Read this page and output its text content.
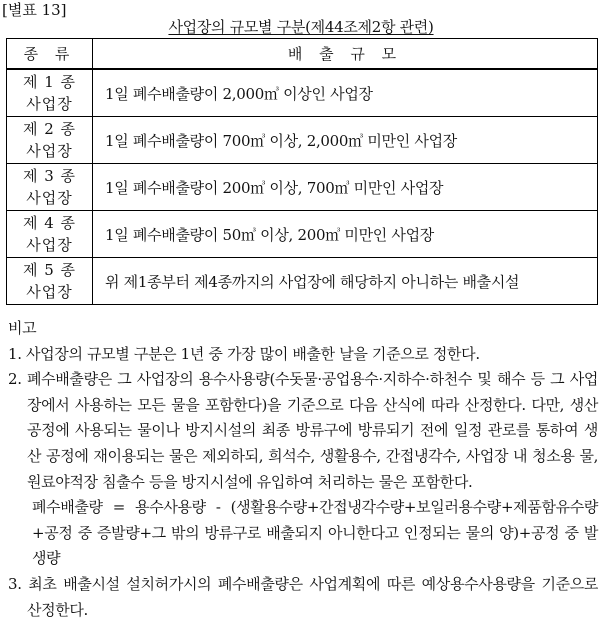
[별표 13]
사업장의 규모별 구분(제44조제2항 관련)
종 류	배 출 규 모
제 1 종
사업장	1일 폐수배출량이 2,000㎥ 이상인 사업장
제 2 종
사업장	1일 폐수배출량이 700㎥ 이상, 2,000㎥ 미만인 사업장
제 3 종
사업장	1일 폐수배출량이 200㎥ 이상, 700㎥ 미만인 사업장
제 4 종
사업장	1일 폐수배출량이 50㎥ 이상, 200㎥ 미만인 사업장
제 5 종
사업장	위 제1종부터 제4종까지의 사업장에 해당하지 아니하는 배출시설

비고

1. 사업장의 규모별 구분은 1년 중 가장 많이 배출한 날을 기준으로 정한다.

2. 폐수배출량은 그 사업장의 용수사용량(수돗물·공업용수·지하수·하천수 및 해수 등 그 사업장에서 사용하는 모든 물을 포함한다)을 기준으로 다음 산식에 따라 산정한다. 다만, 생산 공정에 사용되는 물이나 방지시설의 최종 방류구에 방류되기 전에 일정 관로를 통하여 생산 공정에 재이용되는 물은 제외하되, 희석수, 생활용수, 간접냉각수, 사업장 내 청소용 물, 원료야적장 침출수 등을 방지시설에 유입하여 처리하는 물은 포함한다.

폐수배출량 = 용수사용량 - (생활용수량+간접냉각수량+보일러용수량+제품함유수량+공정 중 증발량+그 밖의 방류구로 배출되지 아니한다고 인정되는 물의 양)+공정 중 발생량

3. 최초 배출시설 설치허가시의 폐수배출량은 사업계획에 따른 예상용수사용량을 기준으로 산정한다.
